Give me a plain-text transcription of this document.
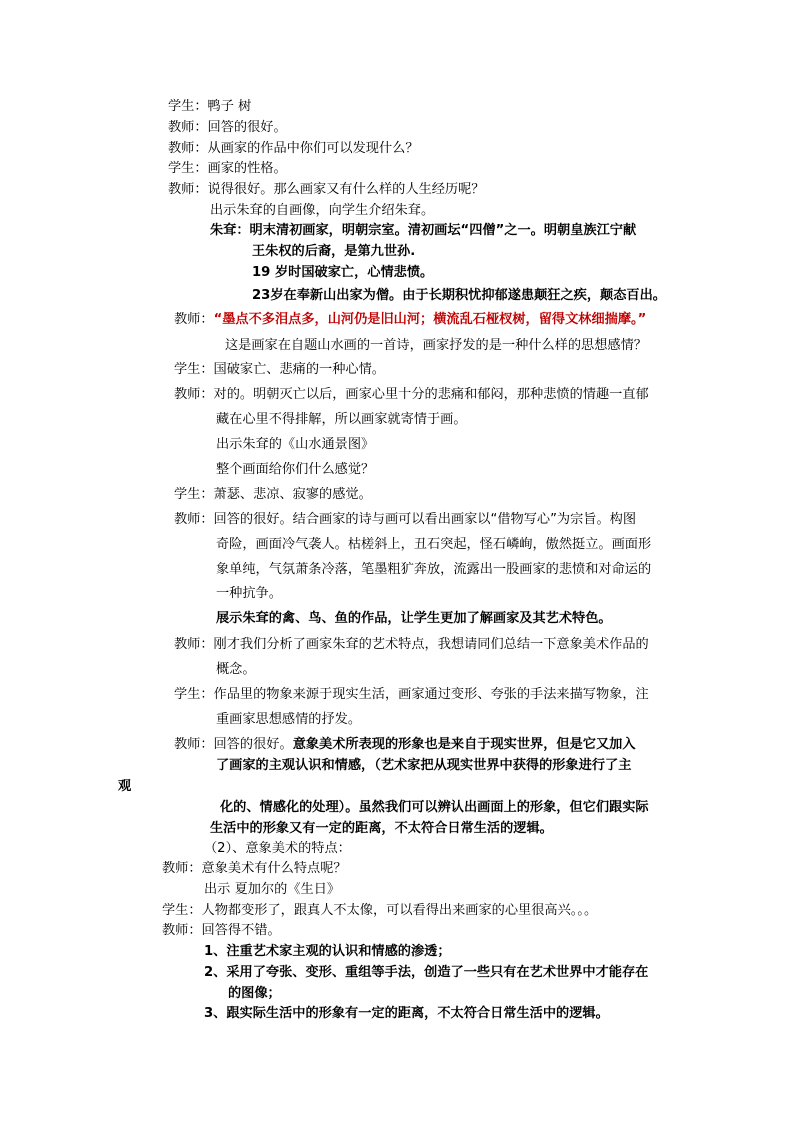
学生：鸭子 树
教师：回答的很好。
教师：从画家的作品中你们可以发现什么？
学生：画家的性格。
教师：说得很好。那么画家又有什么样的人生经历呢？
出示朱耷的自画像，向学生介绍朱耷。
朱耷：明末清初画家，明朝宗室。清初画坛“四僧”之一。明朝皇族江宁献
王朱权的后裔，是第九世孙.
19 岁时国破家亡，心情悲愤。
23岁在奉新山出家为僧。由于长期积忧抑郁遂患颠狂之疾，颠态百出。
教师：“墨点不多泪点多，山河仍是旧山河；横流乱石桠杈树，留得文林细揣摩。”
这是画家在自题山水画的一首诗，画家抒发的是一种什么样的思想感情？
学生：国破家亡、悲痛的一种心情。
教师：对的。明朝灭亡以后，画家心里十分的悲痛和郁闷，那种悲愤的情趣一直郁
藏在心里不得排解，所以画家就寄情于画。
出示朱耷的《山水通景图》
整个画面给你们什么感觉？
学生：萧瑟、悲凉、寂寥的感觉。
教师：回答的很好。结合画家的诗与画可以看出画家以“借物写心”为宗旨。构图
奇险，画面冷气袭人。枯槎斜上，丑石突起，怪石嶙峋，傲然挺立。画面形
象单纯，气氛萧条冷落，笔墨粗犷奔放，流露出一股画家的悲愤和对命运的
一种抗争。
展示朱耷的禽、鸟、鱼的作品，让学生更加了解画家及其艺术特色。
教师：刚才我们分析了画家朱耷的艺术特点，我想请同们总结一下意象美术作品的
概念。
学生：作品里的物象来源于现实生活，画家通过变形、夸张的手法来描写物象，注
重画家思想感情的抒发。
教师：回答的很好。意象美术所表现的形象也是来自于现实世界，但是它又加入
了画家的主观认识和情感，（艺术家把从现实世界中获得的形象进行了主
观
化的、情感化的处理）。虽然我们可以辨认出画面上的形象，但它们跟实际
生活中的形象又有一定的距离，不太符合日常生活的逻辑。
（2）、意象美术的特点：
教师：意象美术有什么特点呢？
出示 夏加尔的《生日》
学生：人物都变形了，跟真人不太像，可以看得出来画家的心里很高兴。。。
教师：回答得不错。
1、注重艺术家主观的认识和情感的渗透；
2、采用了夸张、变形、重组等手法，创造了一些只有在艺术世界中才能存在
的图像；
3、跟实际生活中的形象有一定的距离，不太符合日常生活中的逻辑。
